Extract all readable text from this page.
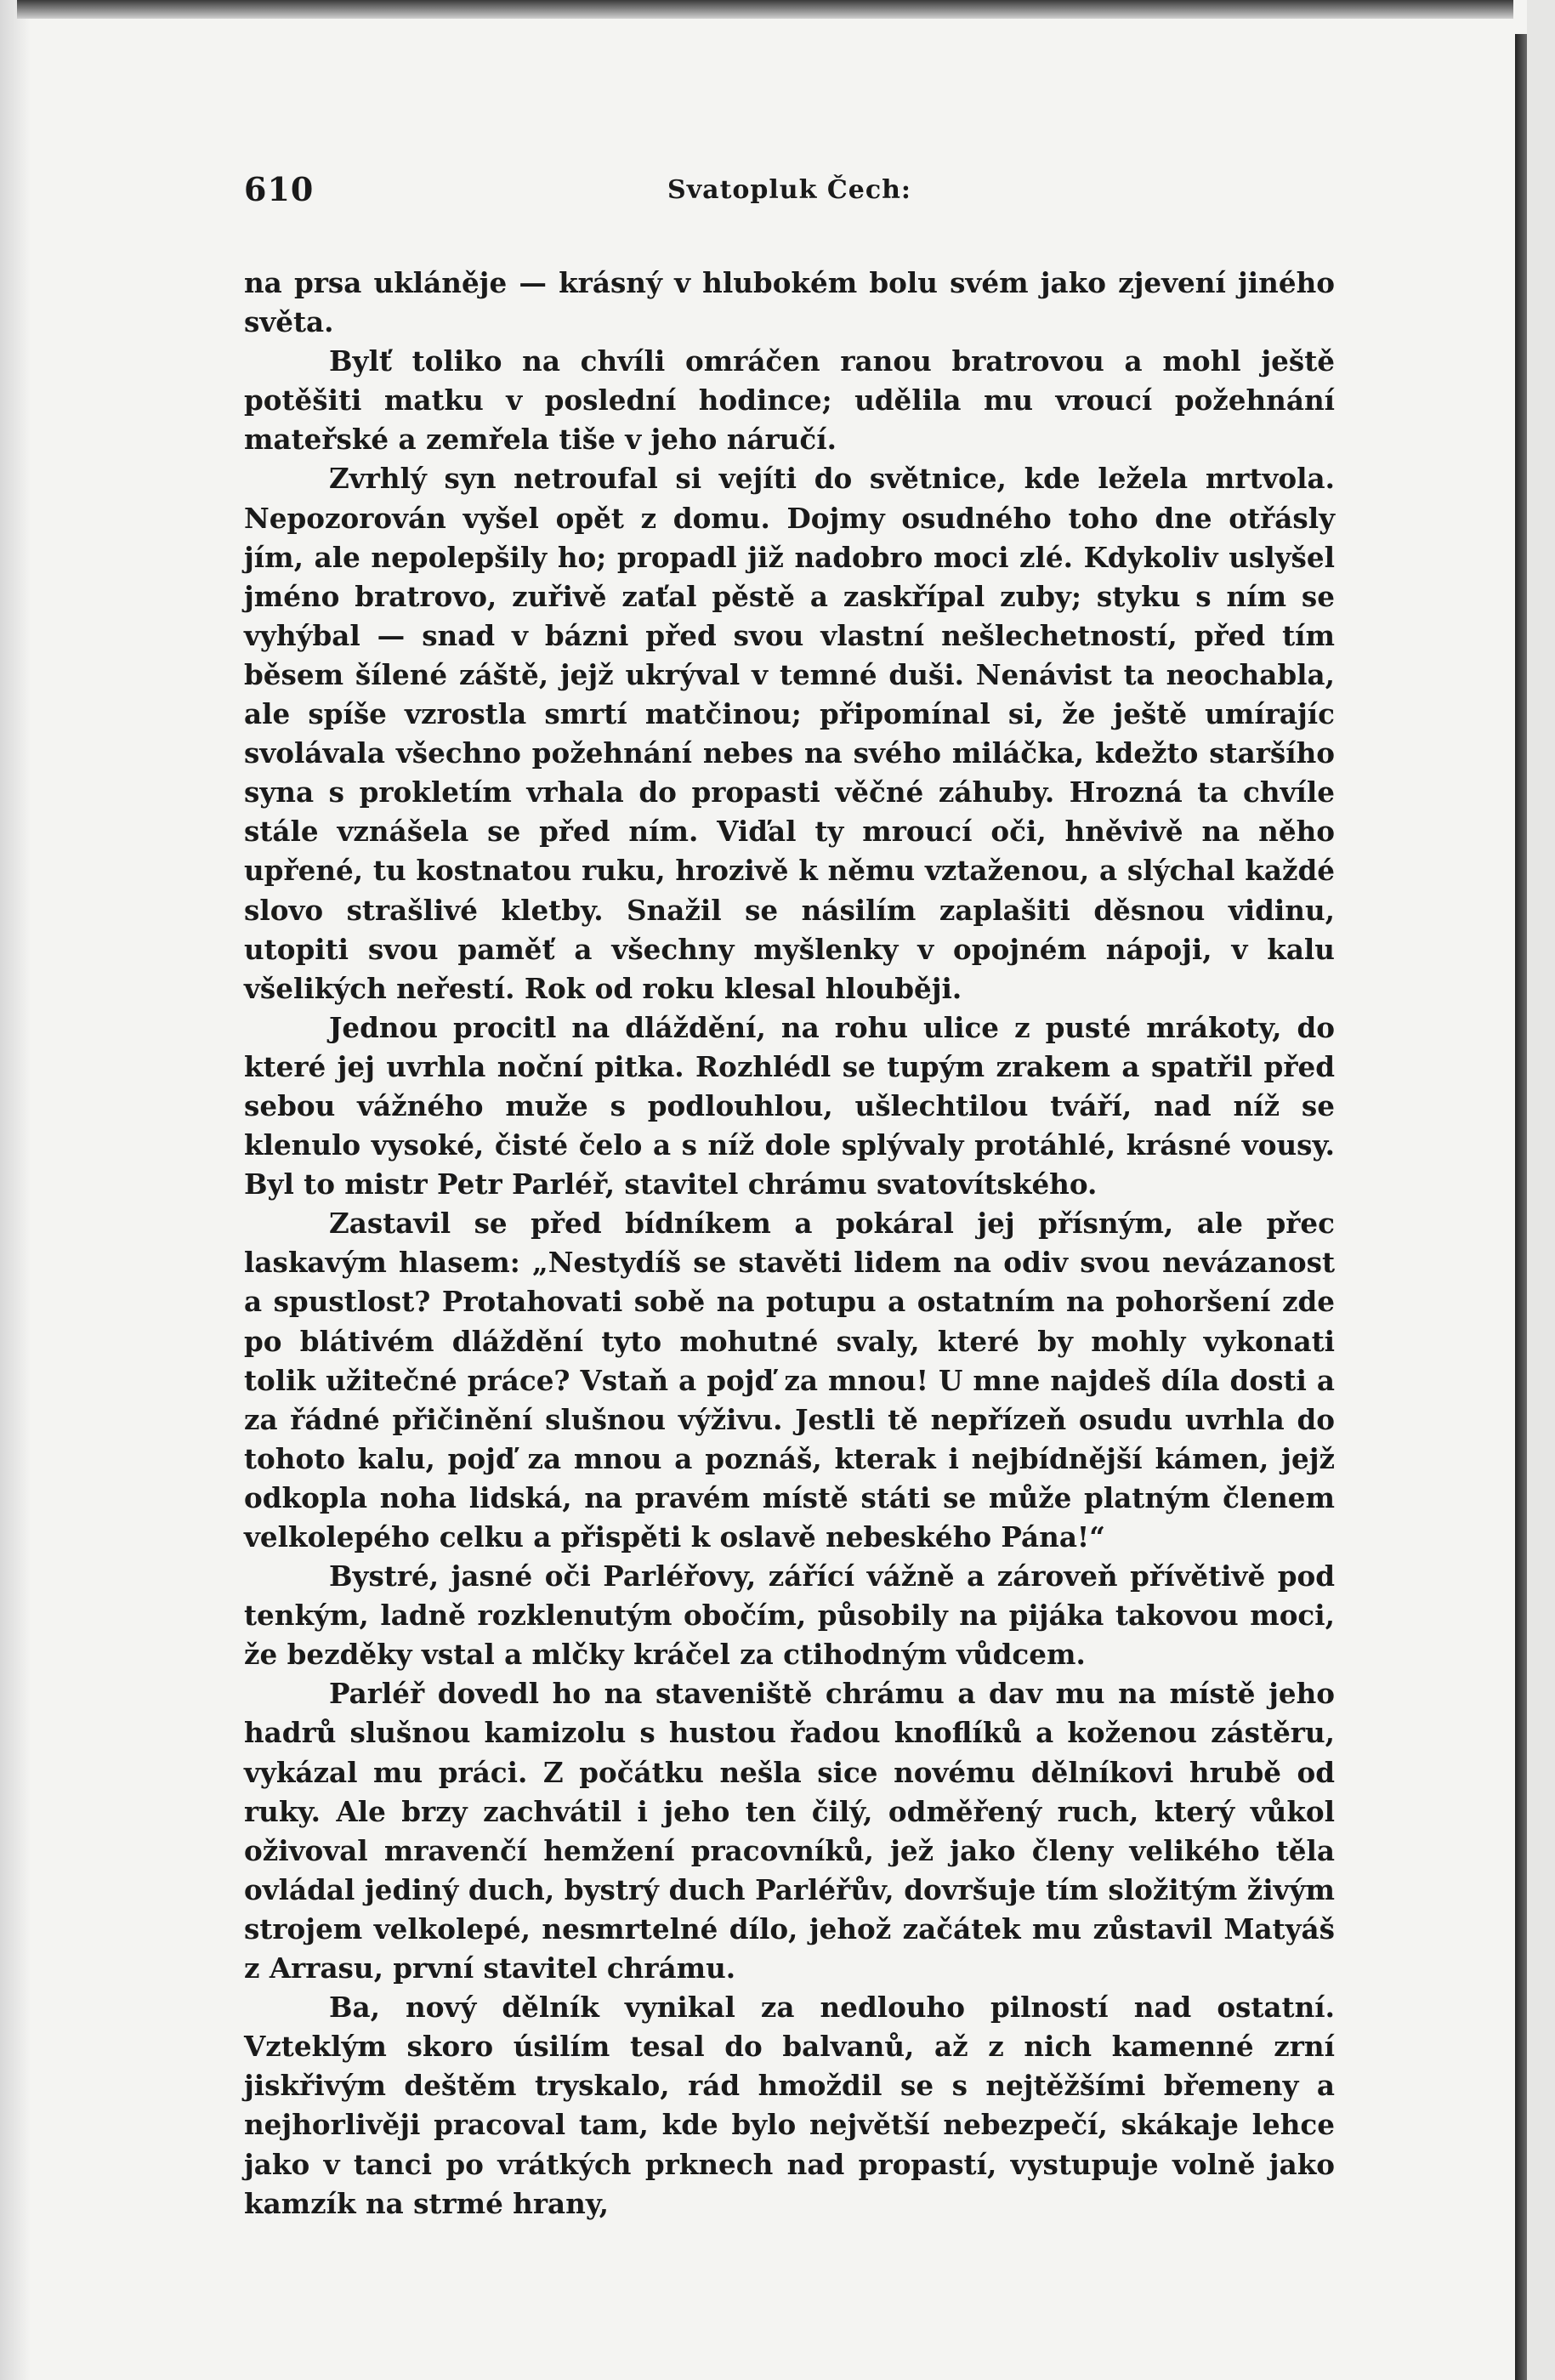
610	Svatopluk Čech:

na prsa ukláněje — krásný v hlubokém bolu svém jako zjevení jiného světa.

Bylť toliko na chvíli omráčen ranou bratrovou a mohl ještě potěšiti matku v poslední hodince; udělila mu vroucí požehnání mateřské a zemřela tiše v jeho náručí.

Zvrhlý syn netroufal si vejíti do světnice, kde ležela mrtvola. Nepozorován vyšel opět z domu. Dojmy osudného toho dne otřásly jím, ale nepolepšily ho; propadl již nadobro moci zlé. Kdykoliv uslyšel jméno bratrovo, zuřivě zaťal pěstě a zaskřípal zuby; styku s ním se vyhýbal — snad v bázni před svou vlastní nešlechetností, před tím běsem šílené záště, jejž ukrýval v temné duši. Nenávist ta neochabla, ale spíše vzrostla smrtí matčinou; připomínal si, že ještě umírajíc svolávala všechno požehnání nebes na svého miláčka, kdežto staršího syna s prokletím vrhala do propasti věčné záhuby. Hrozná ta chvíle stále vznášela se před ním. Viďal ty mroucí oči, hněvivě na něho upřené, tu kostnatou ruku, hrozivě k němu vztaženou, a slýchal každé slovo strašlivé kletby. Snažil se násilím zaplašiti děsnou vidinu, utopiti svou paměť a všechny myšlenky v opojném nápoji, v kalu všelikých neřestí. Rok od roku klesal hlouběji.

Jednou procitl na dláždění, na rohu ulice z pusté mrákoty, do které jej uvrhla noční pitka. Rozhlédl se tupým zrakem a spatřil před sebou vážného muže s podlouhlou, ušlechtilou tváří, nad níž se klenulo vysoké, čisté čelo a s níž dole splývaly protáhlé, krásné vousy. Byl to mistr Petr Parléř, stavitel chrámu svatovítského.

Zastavil se před bídníkem a pokáral jej přísným, ale přec laskavým hlasem: „Nestydíš se stavěti lidem na odiv svou nevázanost a spustlost? Protahovati sobě na potupu a ostatním na pohoršení zde po blátivém dláždění tyto mohutné svaly, které by mohly vykonati tolik užitečné práce? Vstaň a pojď za mnou! U mne najdeš díla dosti a za řádné přičinění slušnou výživu. Jestli tě nepřízeň osudu uvrhla do tohoto kalu, pojď za mnou a poznáš, kterak i nejbídnější kámen, jejž odkopla noha lidská, na pravém místě státi se může platným členem velkolepého celku a přispěti k oslavě nebeského Pána!“

Bystré, jasné oči Parléřovy, zářící vážně a zároveň přívětivě pod tenkým, ladně rozklenutým obočím, působily na pijáka takovou moci, že bezděky vstal a mlčky kráčel za ctihodným vůdcem.

Parléř dovedl ho na staveniště chrámu a dav mu na místě jeho hadrů slušnou kamizolu s hustou řadou knoflíků a koženou zástěru, vykázal mu práci. Z počátku nešla sice novému dělníkovi hrubě od ruky. Ale brzy zachvátil i jeho ten čilý, odměřený ruch, který vůkol oživoval mravenčí hemžení pracovníků, jež jako členy velikého těla ovládal jediný duch, bystrý duch Parléřův, dovršuje tím složitým živým strojem velkolepé, nesmrtelné dílo, jehož začátek mu zůstavil Matyáš z Arrasu, první stavitel chrámu.

Ba, nový dělník vynikal za nedlouho pilností nad ostatní. Vzteklým skoro úsilím tesal do balvanů, až z nich kamenné zrní jiskřivým deštěm tryskalo, rád hmoždil se s nejtěžšími břemeny a nejhorlivěji pracoval tam, kde bylo největší nebezpečí, skákaje lehce jako v tanci po vrátkých prknech nad propastí, vystupuje volně jako kamzík na strmé hrany,
